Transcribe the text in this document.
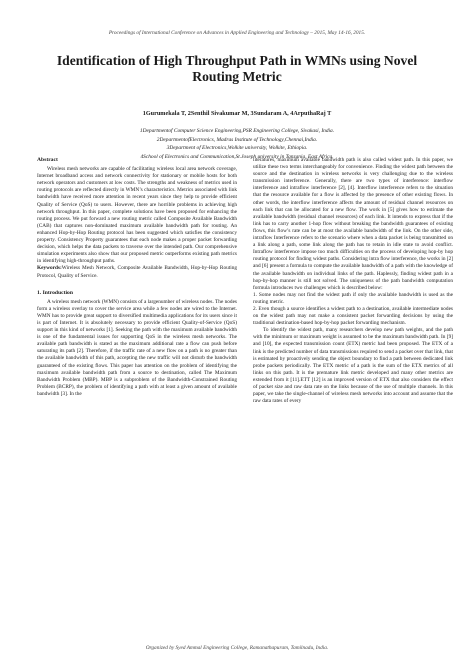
Proceedings of International Conference on Advances in Applied Engineering and Technology – 2015, May 14-16, 2015.
Identification of High Throughput Path in WMNs using Novel
Routing Metric
1Gurumekala T, 2Senthil Sivakumar M, 3Sundaram A, 4ArputhaRaj T
1Departmentof Computer Science Engineering,PSR Engineering College, Sivakasi, India.
2DepartmentofElectronics, Madras Institute of Technology,Chennai,India.
3Department of Electronics,Wolkite university, Wolkite, Ethiopia.
4School of Electronics and Communication,St.Joseph university in Tanzania, East Africa.
Abstract

Wireless mesh networks are capable of facilitating wireless local area network coverage, Internet broadband access and network connectivity for stationary or mobile hosts for both network operators and customers at low costs. The strengths and weakness of metrics used in routing protocols are reflected directly in WMN’s characteristics. Metrics associated with link bandwidth have received more attention in recent years since they help to provide efficient Quality of Service (QoS) to users. However, there are horrible problems in achieving high network throughput. In this paper, complete solutions have been proposed for enhancing the routing process. We put forward a new routing metric called Composite Available Bandwidth (CAB) that captures non-dominated maximum available bandwidth path for routing. An enhanced Hop-by-Hop Routing protocol has been suggested which satisfies the consistency property. Consistency Property guarantees that each node makes a proper packet forwarding decision, which helps the data packets to traverse over the intended path. Our comprehensive simulation experiments also show that our proposed metric outperforms existing path metrics in identifying high-throughput paths.

Keywords:Wireless Mesh Network, Composite Available Bandwidth, Hop-by-Hop Routing Protocol, Quality of Service.

1. Introduction

A wireless mesh network (WMN) consists of a largenumber of wireless nodes. The nodes form a wireless overlay to cover the service area while a few nodes are wired to the Internet. WMN has to provide great support to diversified multimedia applications for its users since it is part of Internet. It is absolutely necessary to provide efficient Quality-of-Service (QoS) support in this kind of networks [1]. Seeking the path with the maximum available bandwidth is one of the fundamental issues for supporting QoS in the wireless mesh networks. The available path bandwidth is stated as the maximum additional rate a flow can push before saturating its path [2]. Therefore, if the traffic rate of a new flow on a path is no greater than the available bandwidth of this path, accepting the new traffic will not disturb the bandwidth guaranteed of the existing flows. This paper has attention on the problem of identifying the maximum available bandwidth path from a source to destination, called The Maximum Bandwidth Problem (MBP). MBP is a subproblem of the Bandwidth-Constrained Routing Problem (BCRP), the problem of identifying a path with at least a given amount of available bandwidth [3]. In the

literatures, maximum available bandwidth path is also called widest path. In this paper, we utilize these two terms interchangeably for convenience. Finding the widest path between the source and the destination in wireless networks is very challenging due to the wireless transmission interference. Generally, there are two types of interference: interflow interference and intraflow interference [2], [4]. Interflow interference refers to the situation that the resource available for a flow is affected by the presence of other existing flows. In other words, the interflow interference affects the amount of residual channel resources on each link that can be allocated for a new flow. The work in [5] gives how to estimate the available bandwidth (residual channel resources) of each link. It intends to express that if the link has to carry another 1-hop flow without breaking the bandwidth guarantees of existing flows, this flow’s rate can be at most the available bandwidth of the link. On the other side, intraflow Interference refers to the scenario where when a data packet is being transmitted on a link along a path, some link along the path has to retain in idle state to avoid conflict. Intraflow interference impose too much difficulties on the process of developing hop-by hop routing protocol for finding widest paths. Considering intra flow interference, the works in [2] and [6] present a formula to compute the available bandwidth of a path with the knowledge of the available bandwidth on individual links of the path. Haplessly, finding widest path in a hop-by-hop manner is still not solved. The uniqueness of the path bandwidth computation formula introduces two challenges which is described below:

1. Some nodes may not find the widest path if only the available bandwidth is used as the routing metric.

2. Even though a source identifies a widest path to a destination, available intermediate nodes on the widest path may not make a consistent packet forwarding decisions by using the traditional destination-based hop-by-hop packet forwarding mechanism.

To identify the widest path, many researchers develop new path weights, and the path with the minimum or maximum weight is assumed to be the maximum bandwidth path. In [9] and [10], the expected transmission count (ETX) metric had been proposed. The ETX of a link is the predicted number of data transmissions required to send a packet over that link, that is estimated by proactively sending the object boundary to find a path between dedicated link probe packets periodically. The ETX metric of a path is the sum of the ETX metrics of all links on this path. It is the premature link metric developed and many other metrics are extended from it [11].ETT [12] is an improved version of ETX that also considers the effect of packet size and raw data rate on the links because of the use of multiple channels. In this paper, we take the single-channel of wireless mesh networks into account and assume that the raw data rates of every

Organized by Syed Ammal Engineering College, Ramanathapuram, Tamilnadu, India.
